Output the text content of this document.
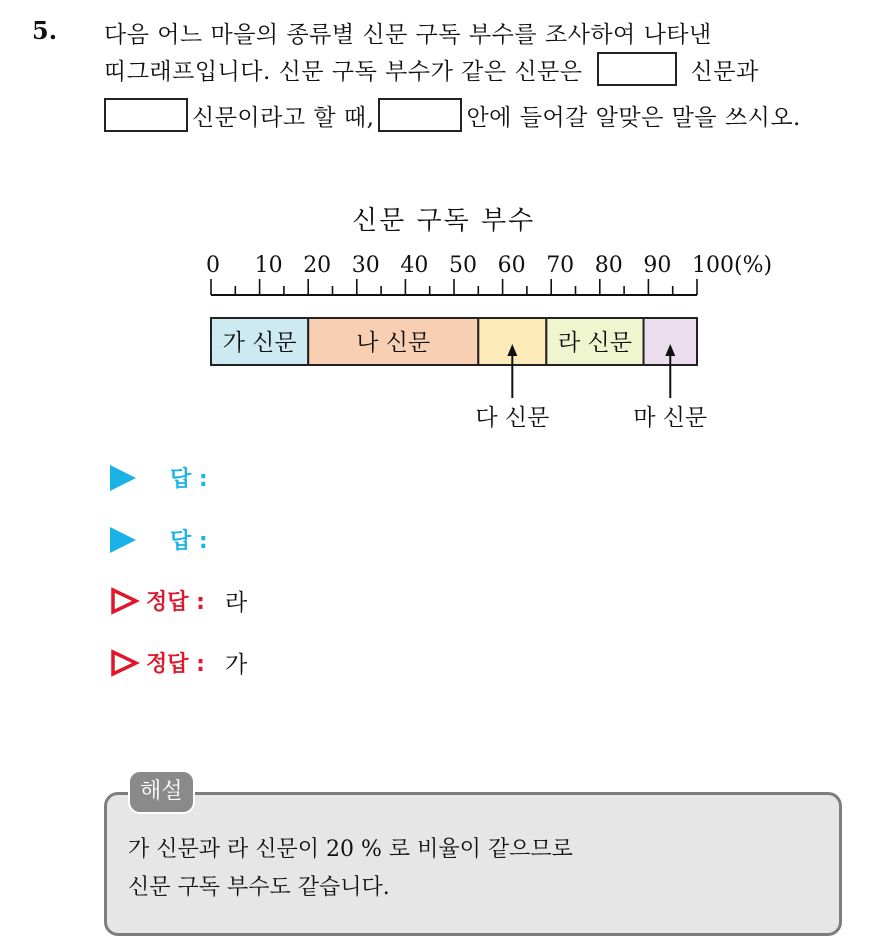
5. 다음 어느 마을의 종류별 신문 구독 부수를 조사하여 나타낸
띠그래프입니다. 신문 구독 부수가 같은 신문은	신문과
신문이라고 할 때,	안에 들어갈 알맞은 말을 쓰시오.
신문 구독 부수
0 10 20 30 40 50 60 70 80 90 100(%)
가 신문	나 신문
다 신문
라 신문
마 신문
답 :
답 :
정답 : 라
정답 : 가
해설
가 신문과 라 신문이 20 % 로 비율이 같으므로
신문 구독 부수도 같습니다.
